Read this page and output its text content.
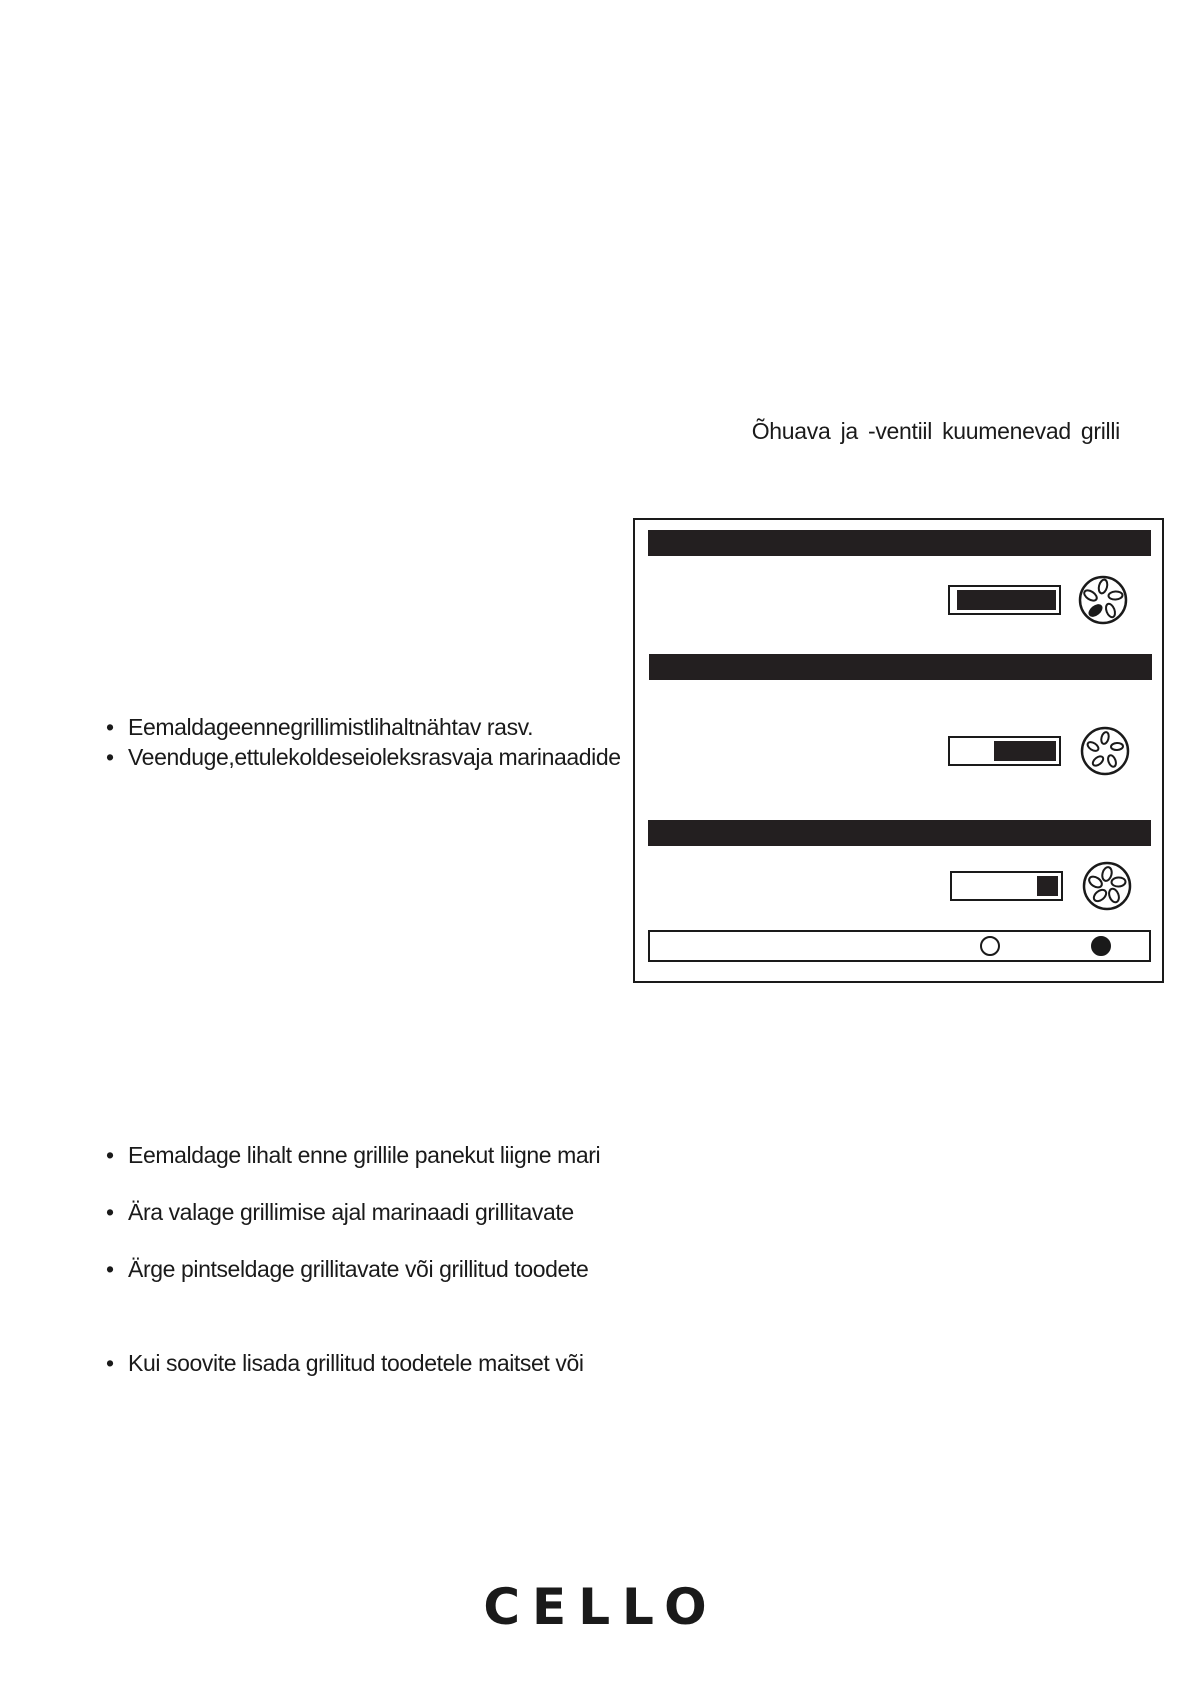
Õhuava ja -ventiil kuumenevad grilli
• Eemaldageennegrillimistlihaltnähtav rasv.
• Veenduge,ettulekoldeseioleksrasvaja marinaadide
• Eemaldage lihalt enne grillile panekut liigne mari
• Ära valage grillimise ajal marinaadi grillitavate
• Ärge pintseldage grillitavate või grillitud toodete
• Kui soovite lisada grillitud toodetele maitset või
CELLO
